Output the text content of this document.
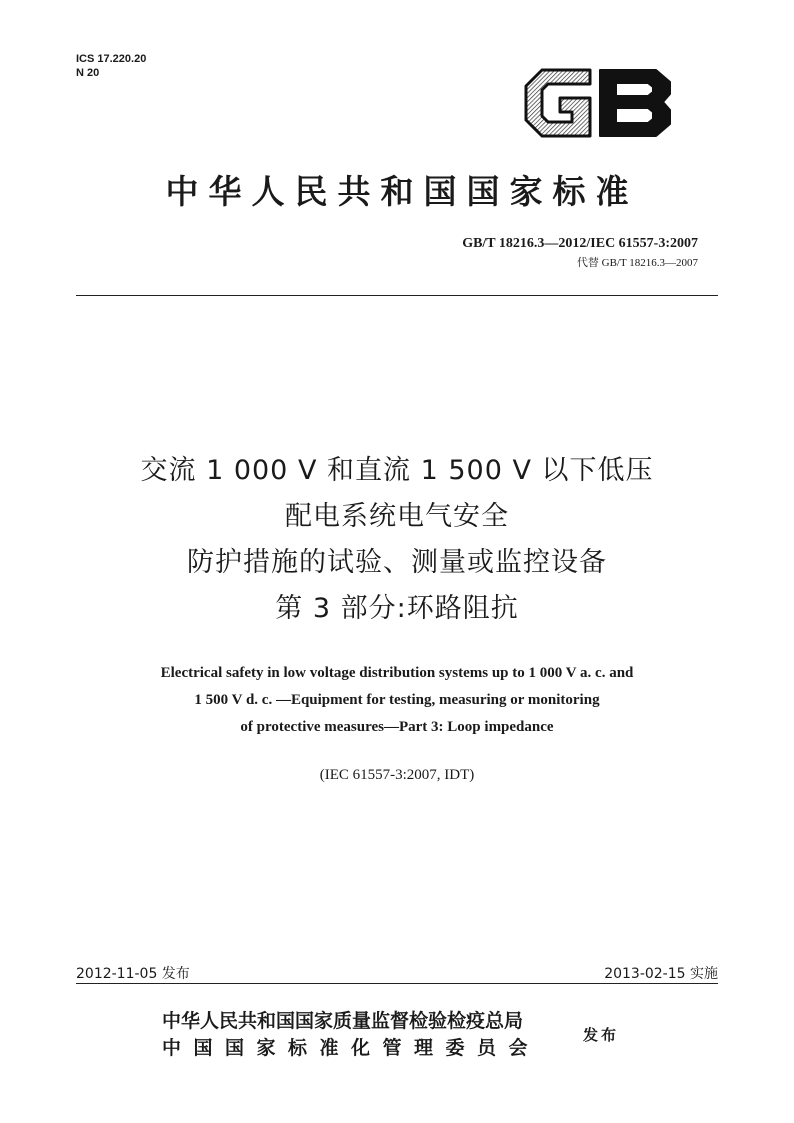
ICS 17.220.20
N 20
GB
中华人民共和国国家标准
GB/T 18216.3—2012/IEC 61557-3:2007
代替 GB/T 18216.3—2007
交流 1 000 V 和直流 1 500 V 以下低压
配电系统电气安全
防护措施的试验、测量或监控设备
第 3 部分:环路阻抗
Electrical safety in low voltage distribution systems up to 1 000 V a. c. and
1 500 V d. c. —Equipment for testing, measuring or monitoring
of protective measures—Part 3: Loop impedance
(IEC 61557-3:2007, IDT)
2012-11-05 发布	2013-02-15 实施
中华人民共和国国家质量监督检验检疫总局
中国国家标准化管理委员会
发布
